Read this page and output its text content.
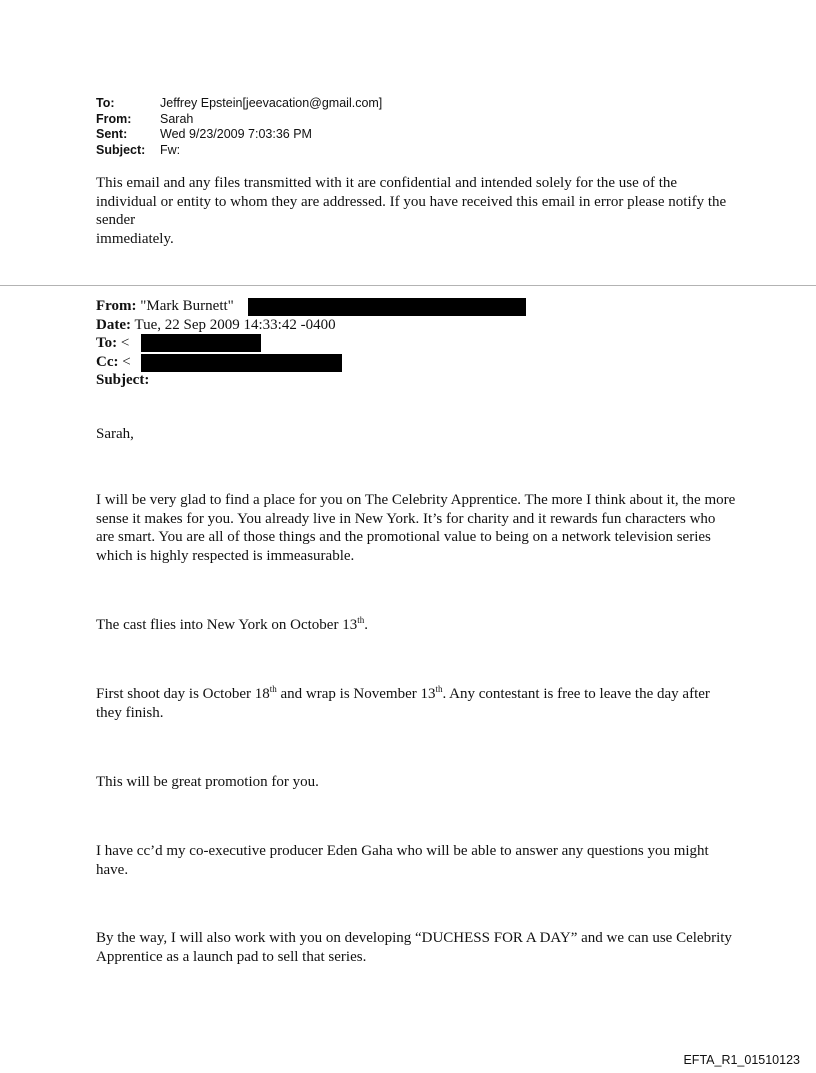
To:	Jeffrey Epstein[jeevacation@gmail.com]
From:	Sarah
Sent:	Wed 9/23/2009 7:03:36 PM
Subject:	Fw:
This email and any files transmitted with it are confidential and intended solely for the use of the individual or entity to whom they are addressed. If you have received this email in error please notify the sender
immediately.
From: "Mark Burnett"
Date: Tue, 22 Sep 2009 14:33:42 -0400
To: <
Cc: <
Subject:

Sarah,

I will be very glad to find a place for you on The Celebrity Apprentice. The more I think about it, the more sense it makes for you. You already live in New York. It’s for charity and it rewards fun characters who are smart. You are all of those things and the promotional value to being on a network television series which is highly respected is immeasurable.

The cast flies into New York on October 13th.

First shoot day is October 18th and wrap is November 13th. Any contestant is free to leave the day after they finish.

This will be great promotion for you.

I have cc’d my co-executive producer Eden Gaha who will be able to answer any questions you might have.

By the way, I will also work with you on developing “DUCHESS FOR A DAY” and we can use Celebrity Apprentice as a launch pad to sell that series.

EFTA_R1_01510123
